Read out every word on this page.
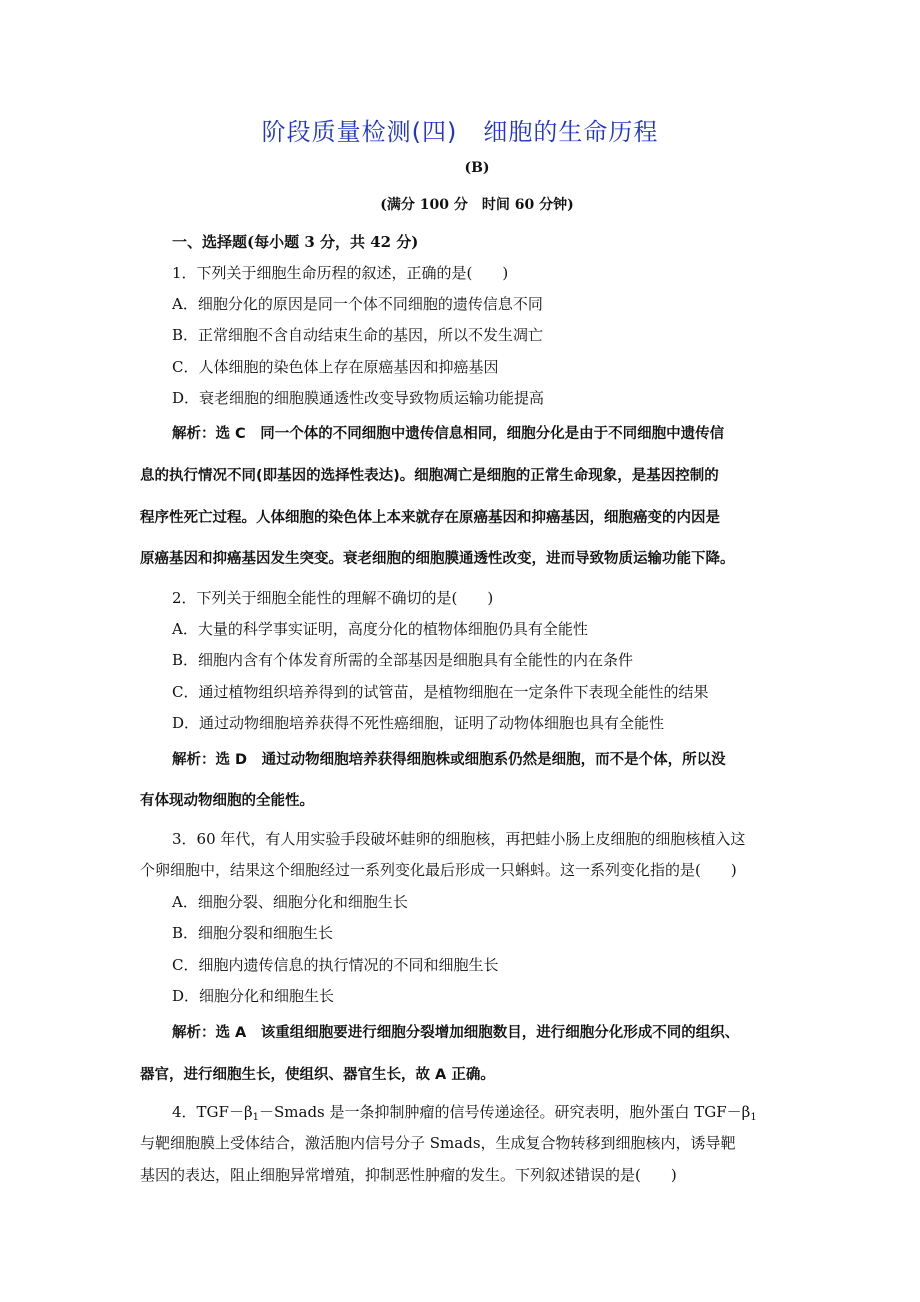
阶段质量检测(四) 细胞的生命历程
(B)
(满分 100 分　时间 60 分钟)
一、选择题(每小题 3 分，共 42 分)
1．下列关于细胞生命历程的叙述，正确的是(　　)
A．细胞分化的原因是同一个体不同细胞的遗传信息不同
B．正常细胞不含自动结束生命的基因，所以不发生凋亡
C．人体细胞的染色体上存在原癌基因和抑癌基因
D．衰老细胞的细胞膜通透性改变导致物质运输功能提高
解析：选 C　同一个体的不同细胞中遗传信息相同，细胞分化是由于不同细胞中遗传信
息的执行情况不同(即基因的选择性表达)。细胞凋亡是细胞的正常生命现象，是基因控制的
程序性死亡过程。人体细胞的染色体上本来就存在原癌基因和抑癌基因，细胞癌变的内因是
原癌基因和抑癌基因发生突变。衰老细胞的细胞膜通透性改变，进而导致物质运输功能下降。
2．下列关于细胞全能性的理解不确切的是(　　)
A．大量的科学事实证明，高度分化的植物体细胞仍具有全能性
B．细胞内含有个体发育所需的全部基因是细胞具有全能性的内在条件
C．通过植物组织培养得到的试管苗，是植物细胞在一定条件下表现全能性的结果
D．通过动物细胞培养获得不死性癌细胞，证明了动物体细胞也具有全能性
解析：选 D　通过动物细胞培养获得细胞株或细胞系仍然是细胞，而不是个体，所以没
有体现动物细胞的全能性。
3．60 年代，有人用实验手段破坏蛙卵的细胞核，再把蛙小肠上皮细胞的细胞核植入这
个卵细胞中，结果这个细胞经过一系列变化最后形成一只蝌蚪。这一系列变化指的是(　　)
A．细胞分裂、细胞分化和细胞生长
B．细胞分裂和细胞生长
C．细胞内遗传信息的执行情况的不同和细胞生长
D．细胞分化和细胞生长
解析：选 A　该重组细胞要进行细胞分裂增加细胞数目，进行细胞分化形成不同的组织、
器官，进行细胞生长，使组织、器官生长，故 A 正确。
4．$TGF-\beta_1-Smads$ 是一条抑制肿瘤的信号传递途径。研究表明，胞外蛋白 $TGF-\beta_1$
与靶细胞膜上受体结合，激活胞内信号分子 Smads，生成复合物转移到细胞核内，诱导靶
基因的表达，阻止细胞异常增殖，抑制恶性肿瘤的发生。下列叙述错误的是(　　)
